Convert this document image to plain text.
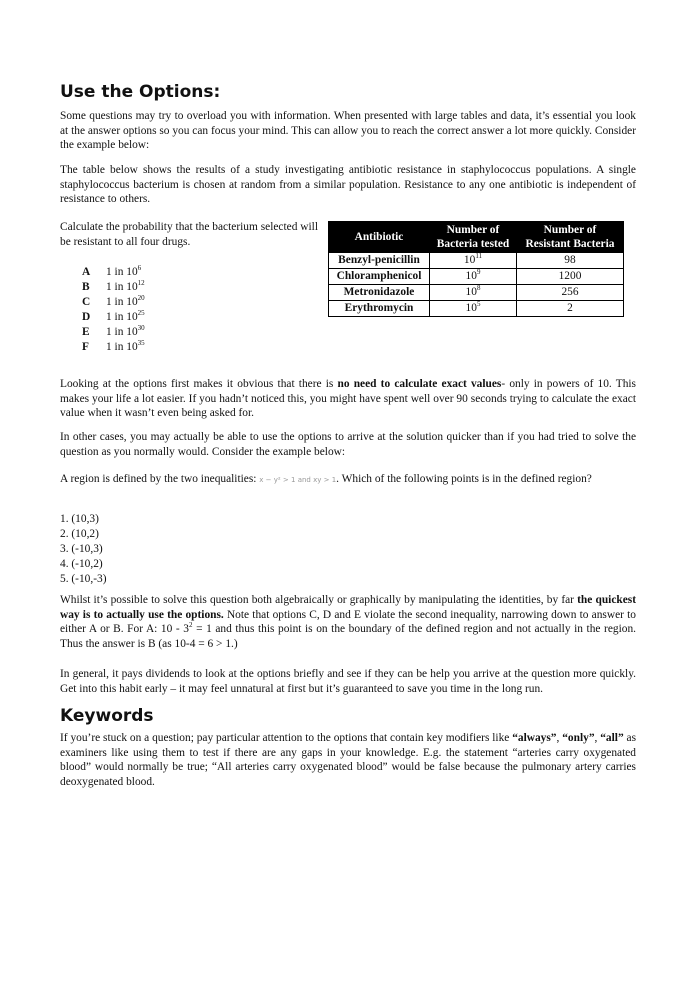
Use the Options:

Some questions may try to overload you with information. When presented with large tables and data, it’s essential you look at the answer options so you can focus your mind. This can allow you to reach the correct answer a lot more quickly. Consider the example below:

The table below shows the results of a study investigating antibiotic resistance in staphylococcus populations. A single staphylococcus bacterium is chosen at random from a similar population. Resistance to any one antibiotic is independent of resistance to others.

Calculate the probability that the bacterium selected will be resistant to all four drugs.
A 1 in $10^6$
B 1 in $10^{12}$
C 1 in $10^{20}$
D 1 in $10^{25}$
E 1 in $10^{30}$
F 1 in $10^{35}$
Antibiotic	Number of Bacteria tested	Number of Resistant Bacteria
Benzyl-penicillin	$10^{11}$	98
Chloramphenicol	$10^9$	1200
Metronidazole	$10^8$	256
Erythromycin	$10^5$	2

Looking at the options first makes it obvious that there is no need to calculate exact values- only in powers of 10. This makes your life a lot easier. If you hadn’t noticed this, you might have spent well over 90 seconds trying to calculate the exact value when it wasn’t even being asked for.

In other cases, you may actually be able to use the options to arrive at the solution quicker than if you had tried to solve the question as you normally would. Consider the example below:

A region is defined by the two inequalities: x − y² > 1 and xy > 1. Which of the following points is in the defined region?

1. (10,3)
2. (10,2)
3. (-10,3)
4. (-10,2)
5. (-10,-3)

Whilst it’s possible to solve this question both algebraically or graphically by manipulating the identities, by far the quickest way is to actually use the options. Note that options C, D and E violate the second inequality, narrowing down to answer to either A or B. For A: $10 - 3^2 = 1$ and thus this point is on the boundary of the defined region and not actually in the region. Thus the answer is B (as 10-4 = 6 > 1.)

In general, it pays dividends to look at the options briefly and see if they can be help you arrive at the question more quickly. Get into this habit early – it may feel unnatural at first but it’s guaranteed to save you time in the long run.

Keywords

If you’re stuck on a question; pay particular attention to the options that contain key modifiers like “always”, “only”, “all” as examiners like using them to test if there are any gaps in your knowledge. E.g. the statement “arteries carry oxygenated blood” would normally be true; “All arteries carry oxygenated blood” would be false because the pulmonary artery carries deoxygenated blood.
